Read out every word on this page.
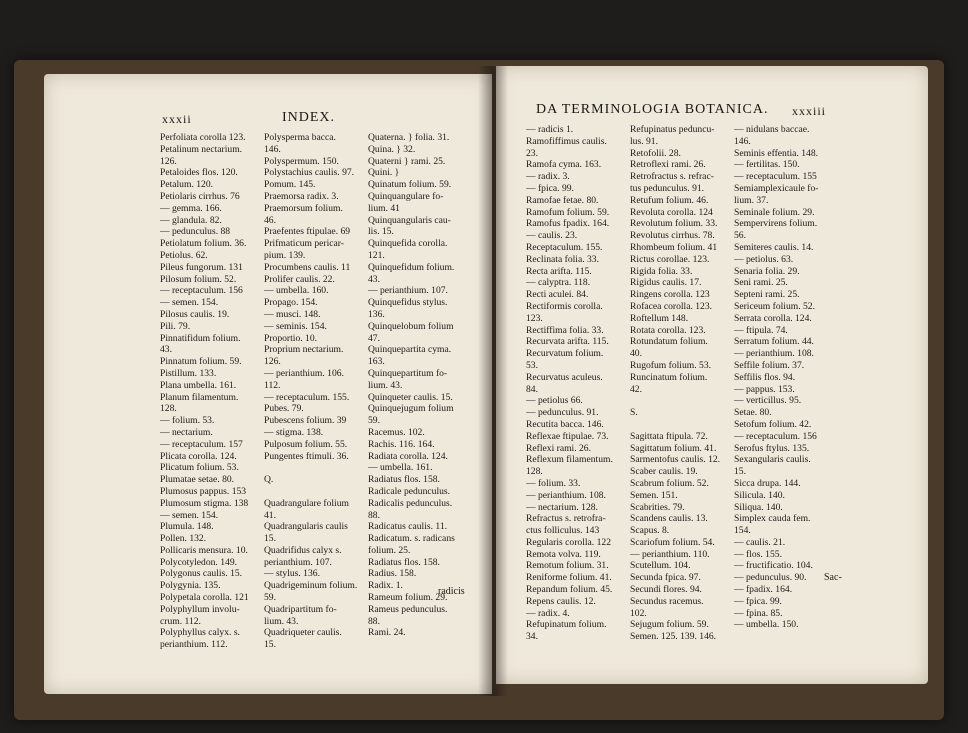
xxxii	INDEX.
Perfoliata corolla 123.
Petalinum nectarium.
126.
Petaloides flos. 120.
Petalum. 120.
Petiolaris cirrhus. 76
— gemma. 166.
— glandula. 82.
— pedunculus. 88
Petiolatum folium. 36.
Petiolus. 62.
Pileus fungorum. 131
Pilosum folium. 52.
— receptaculum. 156
— semen. 154.
Pilosus caulis. 19.
Pili. 79.
Pinnatifidum folium.
43.
Pinnatum folium. 59.
Pistillum. 133.
Plana umbella. 161.
Planum filamentum.
128.
— folium. 53.
— nectarium.
— receptaculum. 157
Plicata corolla. 124.
Plicatum folium. 53.
Plumatae setae. 80.
Plumosus pappus. 153
Plumosum stigma. 138
— semen. 154.
Plumula. 148.
Pollen. 132.
Pollicaris mensura. 10.
Polycotyledon. 149.
Polygonus caulis. 15.
Polygynia. 135.
Polypetala corolla. 121
Polyphyllum involu-
crum. 112.
Polyphyllus calyx. s.
perianthium. 112.
Polysperma bacca.
146.
Polyspermum. 150.
Polystachius caulis. 97.
Pomum. 145.
Praemorsa radix. 3.
Praemorsum folium.
46.
Praefentes ftipulae. 69
Prifmaticum pericar-
pium. 139.
Procumbens caulis. 11
Prolifer caulis. 22.
— umbella. 160.
Propago. 154.
— musci. 148.
— seminis. 154.
Proportio. 10.
Proprium nectarium.
126.
— perianthium. 106.
112.
— receptaculum. 155.
Pubes. 79.
Pubescens folium. 39
— stigma. 138.
Pulposum folium. 55.
Pungentes ftimuli. 36.
Q.
Quadrangulare folium
41.
Quadrangularis caulis
15.
Quadrifidus calyx s.
perianthium. 107.
— stylus. 136.
Quadrigeminum folium.
59.
Quadripartitum fo-
lium. 43.
Quadriqueter caulis.
15.
Quaterna. } folia. 31.
Quina. } 32.
Quaterni } rami. 25.
Quini. }
Quinatum folium. 59.
Quinquangulare fo-
lium. 41
Quinquangularis cau-
lis. 15.
Quinquefida corolla.
121.
Quinquefidum folium.
43.
— perianthium. 107.
Quinquefidus stylus.
136.
Quinquelobum folium
47.
Quinquepartita cyma.
163.
Quinquepartitum fo-
lium. 43.
Quinqueter caulis. 15.
Quinquejugum folium
59.
Racemus. 102.
Rachis. 116. 164.
Radiata corolla. 124.
— umbella. 161.
Radiatus flos. 158.
Radicale pedunculus.
Radicalis pedunculus.
88.
Radicatus caulis. 11.
Radicatum. s. radicans
folium. 25.
Radiatus flos. 158.
Radius. 158.
Radix. 1.
Rameum folium. 29.
Rameus pedunculus.
88.
Rami. 24.
radicis
DA TERMINOLOGIA BOTANICA. xxxiii
— radicis 1.
Ramofiffimus caulis.
23.
Ramofa cyma. 163.
— radix. 3.
— fpica. 99.
Ramofae fetae. 80.
Ramofum folium. 59.
Ramofus fpadix. 164.
— caulis. 23.
Receptaculum. 155.
Reclinata folia. 33.
Recta arifta. 115.
— calyptra. 118.
Recti aculei. 84.
Rectiformis corolla.
123.
Rectiffima folia. 33.
Recurvata arifta. 115.
Recurvatum folium.
53.
Recurvatus aculeus.
84.
— petiolus 66.
— pedunculus. 91.
Recutita bacca. 146.
Reflexae ftipulae. 73.
Reflexi rami. 26.
Reflexum filamentum.
128.
— folium. 33.
— perianthium. 108.
— nectarium. 128.
Refractus s. retrofra-
ctus folliculus. 143
Regularis corolla. 122
Remota volva. 119.
Remotum folium. 31.
Reniforme folium. 41.
Repandum folium. 45.
Repens caulis. 12.
— radix. 4.
Refupinatum folium.
34.
Refupinatus peduncu-
lus. 91.
Retofolii. 28.
Retroflexi rami. 26.
Retrofractus s. refrac-
tus pedunculus. 91.
Retufum folium. 46.
Revoluta corolla. 124
Revolutum folium. 33.
Revolutus cirrhus. 78.
Rhombeum folium. 41
Rictus corollae. 123.
Rigida folia. 33.
Rigidus caulis. 17.
Ringens corolla. 123
Rofacea corolla. 123.
Roftellum 148.
Rotata corolla. 123.
Rotundatum folium.
40.
Rugofum folium. 53.
Runcinatum folium.
42.
S.
Sagittata ftipula. 72.
Sagittatum folium. 41.
Sarmentofus caulis. 12.
Scaber caulis. 19.
Scabrum folium. 52.
Semen. 151.
Scabrities. 79.
Scandens caulis. 13.
Scapus. 8.
Scariofum folium. 54.
— perianthium. 110.
Scutellum. 104.
Secunda fpica. 97.
Secundi flores. 94.
Secundus racemus.
102.
Sejugum folium. 59.
Semen. 125. 139. 146.
— nidulans baccae.
146.
Seminis effentia. 148.
— fertilitas. 150.
— receptaculum. 155
Semiamplexicaule fo-
lium. 37.
Seminale folium. 29.
Sempervirens folium.
56.
Semiteres caulis. 14.
— petiolus. 63.
Senaria folia. 29.
Seni rami. 25.
Septeni rami. 25.
Sericeum folium. 52.
Serrata corolla. 124.
— ftipula. 74.
Serratum folium. 44.
— perianthium. 108.
Seffile folium. 37.
Seffilis flos. 94.
— pappus. 153.
— verticillus. 95.
Setae. 80.
Setofum folium. 42.
— receptaculum. 156
Serofus ftylus. 135.
Sexangularis caulis.
15.
Sicca drupa. 144.
Silicula. 140.
Siliqua. 140.
Simplex cauda fem.
154.
— caulis. 21.
— flos. 155.
— fructificatio. 104.
— pedunculus. 90.
— fpadix. 164.
— fpica. 99.
— fpina. 85.
— umbella. 150.
Sac-
